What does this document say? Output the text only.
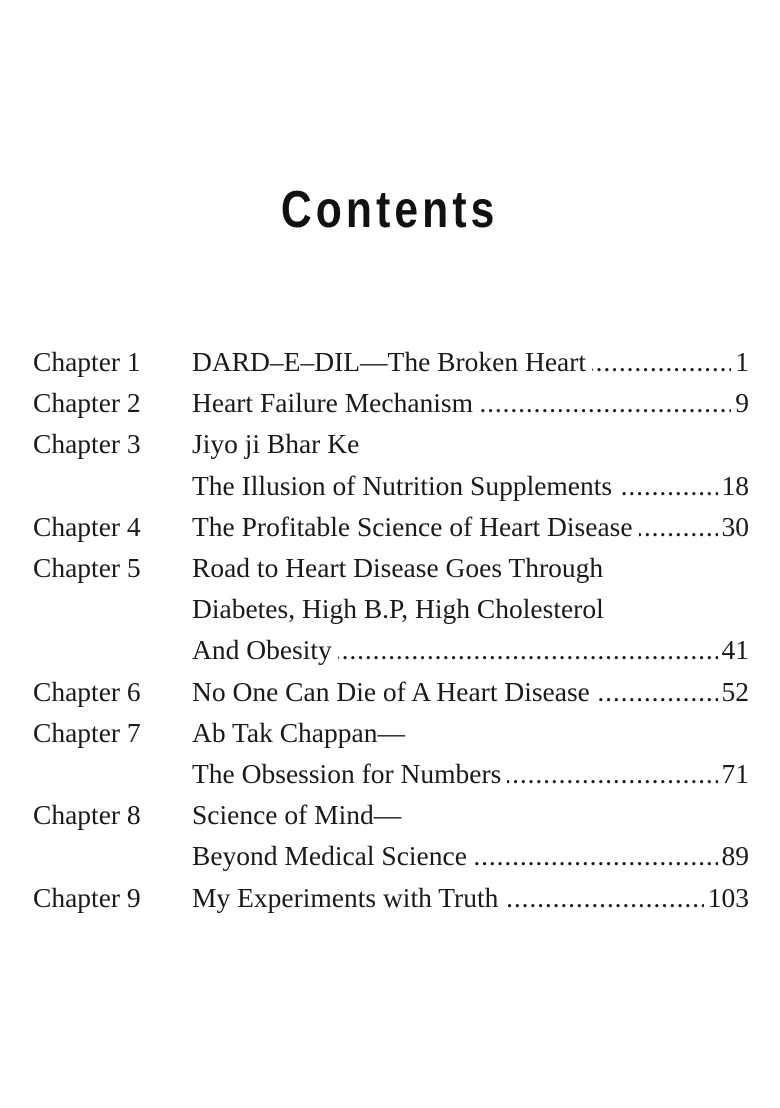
Contents
Chapter 1	DARD–E–DIL—The Broken Heart . . .	1
Chapter 2	Heart Failure Mechanism . . .	9
Chapter 3	Jiyo ji Bhar Ke
The Illusion of Nutrition Supplements . . .	18
Chapter 4	The Profitable Science of Heart Disease . . .	30
Chapter 5	Road to Heart Disease Goes Through
Diabetes, High B.P, High Cholesterol
And Obesity . . .	41
Chapter 6	No One Can Die of A Heart Disease . . .	52
Chapter 7	Ab Tak Chappan—
The Obsession for Numbers . . .	71
Chapter 8	Science of Mind—
Beyond Medical Science . . .	89
Chapter 9	My Experiments with Truth . . .	103
